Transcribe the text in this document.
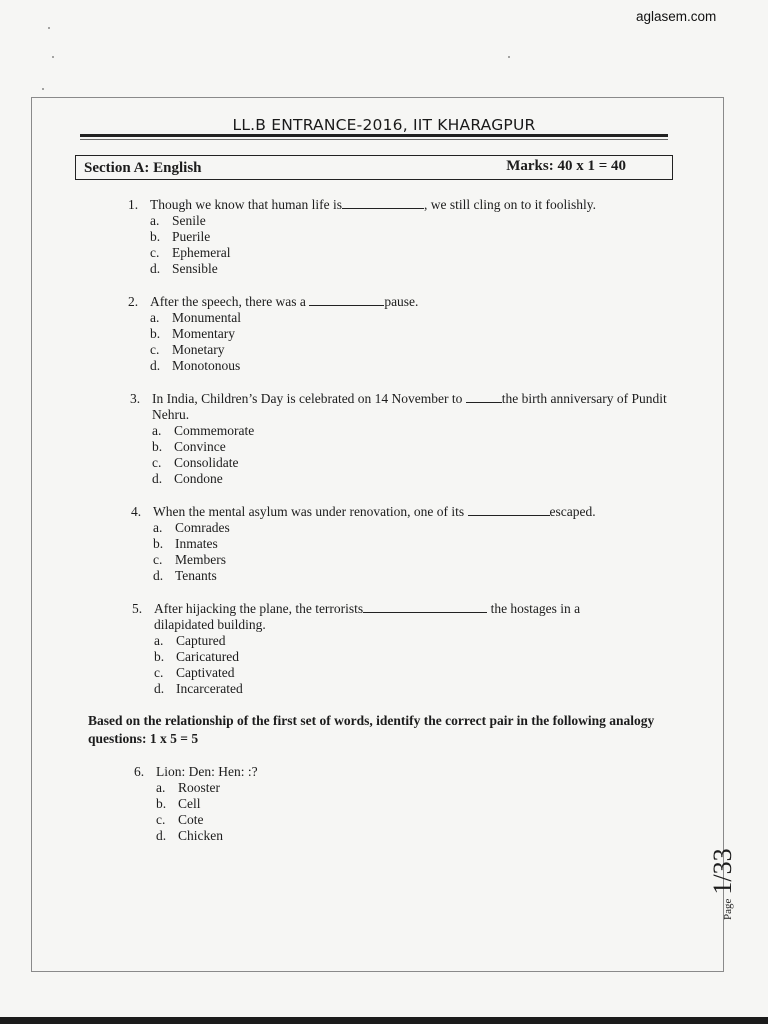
aglasem.com
LL.B ENTRANCE-2016, IIT KHARAGPUR
Section A: English	Marks: 40 x 1 = 40
1. Though we know that human life is	, we still cling on to it foolishly.
a. Senile
b. Puerile
c. Ephemeral
d. Sensible
2. After the speech, there was a	pause.
a. Monumental
b. Momentary
c. Monetary
d. Monotonous
3. In India, Children’s Day is celebrated on 14 November to	the birth anniversary of Pundit Nehru.
a. Commemorate
b. Convince
c. Consolidate
d. Condone
4. When the mental asylum was under renovation, one of its	escaped.
a. Comrades
b. Inmates
c. Members
d. Tenants
5. After hijacking the plane, the terrorists	the hostages in a dilapidated building.
a. Captured
b. Caricatured
c. Captivated
d. Incarcerated
Based on the relationship of the first set of words, identify the correct pair in the following analogy questions: 1 x 5 = 5
6. Lion: Den: Hen: :?
a. Rooster
b. Cell
c. Cote
d. Chicken
Page 1/33
